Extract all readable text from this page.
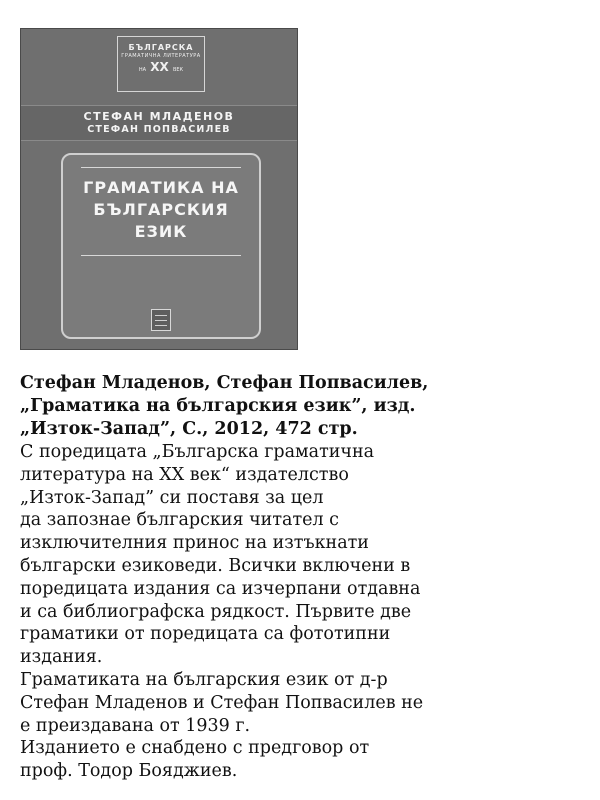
БЪЛГАРСКА
ГРАМАТИЧНА ЛИТЕРАТУРА
НА XX ВЕК
СТЕФАН МЛАДЕНОВ
СТЕФАН ПОПВАСИЛЕВ
ГРАМАТИКА НА
БЪЛГАРСКИЯ
ЕЗИК

Стефан Младенов, Стефан Попвасилев,

„Граматика на българския език”, изд.

„Изток-Запад”, С., 2012, 472 стр.

С поредицата „Българска граматична

литература на XX век“ издателство

„Изток-Запад” си поставя за цел

да запознае българския читател с

изключителния принос на изтъкнати

български езиковеди. Всички включени в

поредицата издания са изчерпани отдавна

и са библиографска рядкост. Първите две

граматики от поредицата са фототипни

издания.

Граматиката на българския език от д-р

Стефан Младенов и Стефан Попвасилев не

е преиздавана от 1939 г.

Изданието е снабдено с предговор от

проф. Тодор Бояджиев.
